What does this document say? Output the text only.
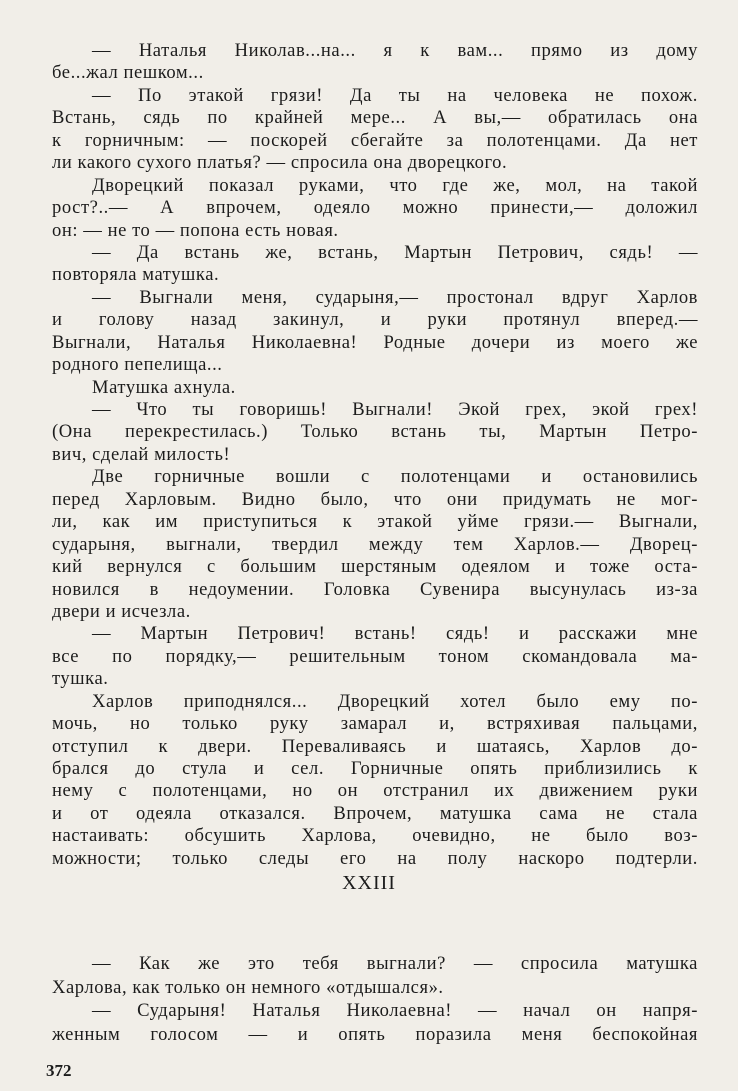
— Наталья Николав...на... я к вам... прямо из дому
бе...жал пешком...
— По этакой грязи! Да ты на человека не похож.
Встань, сядь по крайней мере... А вы,— обратилась она
к горничным: — поскорей сбегайте за полотенцами. Да нет
ли какого сухого платья? — спросила она дворецкого.
Дворецкий показал руками, что где же, мол, на такой
рост?..— А впрочем, одеяло можно принести,— доложил
он: — не то — попона есть новая.
— Да встань же, встань, Мартын Петрович, сядь! —
повторяла матушка.
— Выгнали меня, сударыня,— простонал вдруг Харлов
и голову назад закинул, и руки протянул вперед.—
Выгнали, Наталья Николаевна! Родные дочери из моего же
родного пепелища...
Матушка ахнула.
— Что ты говоришь! Выгнали! Экой грех, экой грех!
(Она перекрестилась.) Только встань ты, Мартын Петро-
вич, сделай милость!
Две горничные вошли с полотенцами и остановились
перед Харловым. Видно было, что они придумать не мог-
ли, как им приступиться к этакой уйме грязи.— Выгнали,
сударыня, выгнали, твердил между тем Харлов.— Дворец-
кий вернулся с большим шерстяным одеялом и тоже оста-
новился в недоумении. Головка Сувенира высунулась из-за
двери и исчезла.
— Мартын Петрович! встань! сядь! и расскажи мне
все по порядку,— решительным тоном скомандовала ма-
тушка.
Харлов приподнялся... Дворецкий хотел было ему по-
мочь, но только руку замарал и, встряхивая пальцами,
отступил к двери. Переваливаясь и шатаясь, Харлов до-
брался до стула и сел. Горничные опять приблизились к
нему с полотенцами, но он отстранил их движением руки
и от одеяла отказался. Впрочем, матушка сама не стала
настаивать: обсушить Харлова, очевидно, не было воз-
можности; только следы его на полу наскоро подтерли.
XXIII
— Как же это тебя выгнали? — спросила матушка
Харлова, как только он немного «отдышался».
— Сударыня! Наталья Николаевна! — начал он напря-
женным голосом — и опять поразила меня беспокойная
372
